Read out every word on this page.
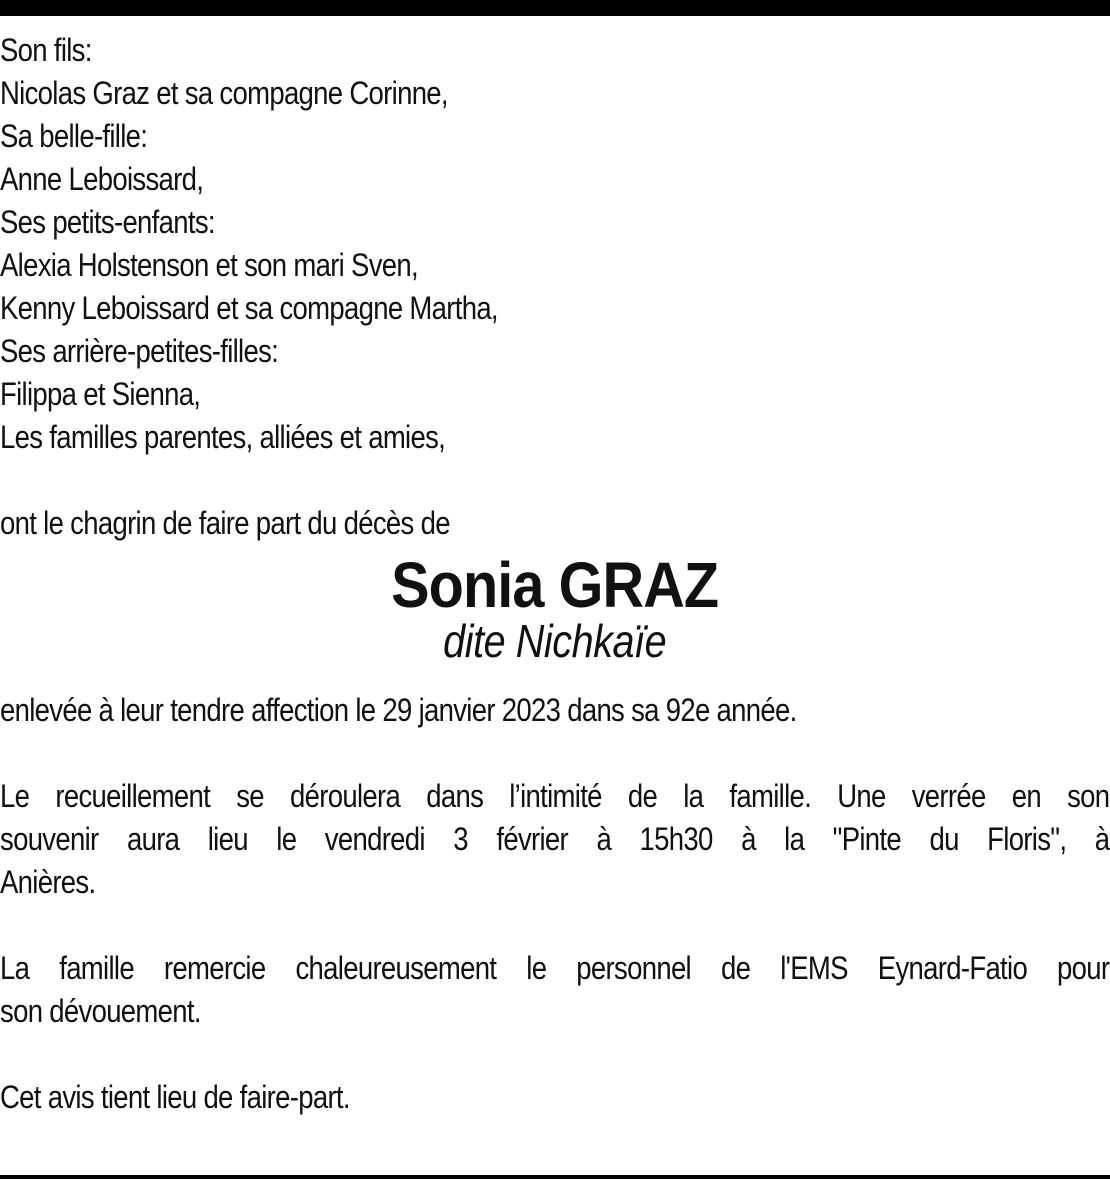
Son fils:
Nicolas Graz et sa compagne Corinne,
Sa belle-fille:
Anne Leboissard,
Ses petits-enfants:
Alexia Holstenson et son mari Sven,
Kenny Leboissard et sa compagne Martha,
Ses arrière-petites-filles:
Filippa et Sienna,
Les familles parentes, alliées et amies,
ont le chagrin de faire part du décès de
Sonia GRAZ
dite Nichkaïe
enlevée à leur tendre affection le 29 janvier 2023 dans sa 92e année.
Le recueillement se déroulera dans l’intimité de la famille. Une verrée en son
souvenir aura lieu le vendredi 3 février à 15h30 à la "Pinte du Floris", à
Anières.
La famille remercie chaleureusement le personnel de l'EMS Eynard-Fatio pour
son dévouement.
Cet avis tient lieu de faire-part.
